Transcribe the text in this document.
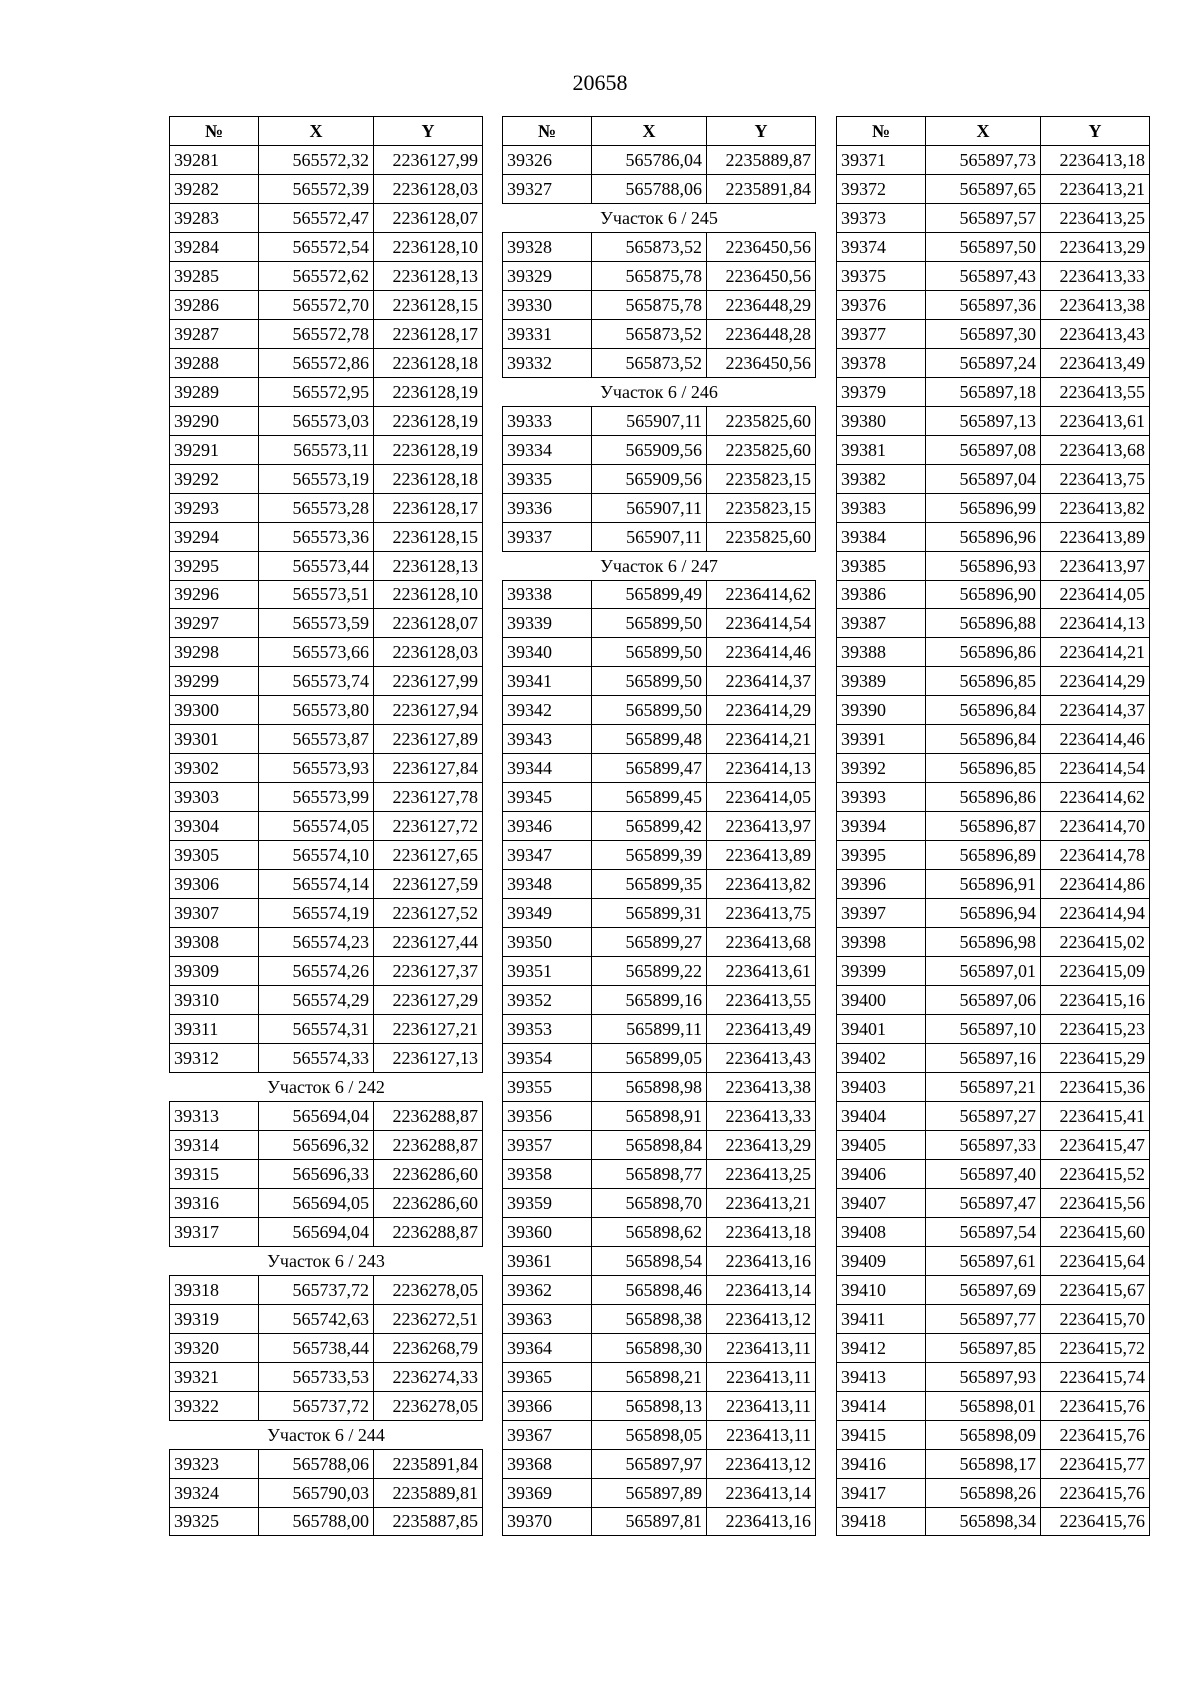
20658
№	X	Y
39281	565572,32	2236127,99
39282	565572,39	2236128,03
39283	565572,47	2236128,07
39284	565572,54	2236128,10
39285	565572,62	2236128,13
39286	565572,70	2236128,15
39287	565572,78	2236128,17
39288	565572,86	2236128,18
39289	565572,95	2236128,19
39290	565573,03	2236128,19
39291	565573,11	2236128,19
39292	565573,19	2236128,18
39293	565573,28	2236128,17
39294	565573,36	2236128,15
39295	565573,44	2236128,13
39296	565573,51	2236128,10
39297	565573,59	2236128,07
39298	565573,66	2236128,03
39299	565573,74	2236127,99
39300	565573,80	2236127,94
39301	565573,87	2236127,89
39302	565573,93	2236127,84
39303	565573,99	2236127,78
39304	565574,05	2236127,72
39305	565574,10	2236127,65
39306	565574,14	2236127,59
39307	565574,19	2236127,52
39308	565574,23	2236127,44
39309	565574,26	2236127,37
39310	565574,29	2236127,29
39311	565574,31	2236127,21
39312	565574,33	2236127,13
Участок 6 / 242		
39313	565694,04	2236288,87
39314	565696,32	2236288,87
39315	565696,33	2236286,60
39316	565694,05	2236286,60
39317	565694,04	2236288,87
Участок 6 / 243		
39318	565737,72	2236278,05
39319	565742,63	2236272,51
39320	565738,44	2236268,79
39321	565733,53	2236274,33
39322	565737,72	2236278,05
Участок 6 / 244		
39323	565788,06	2235891,84
39324	565790,03	2235889,81
39325	565788,00	2235887,85
№	X	Y
39326	565786,04	2235889,87
39327	565788,06	2235891,84
Участок 6 / 245		
39328	565873,52	2236450,56
39329	565875,78	2236450,56
39330	565875,78	2236448,29
39331	565873,52	2236448,28
39332	565873,52	2236450,56
Участок 6 / 246		
39333	565907,11	2235825,60
39334	565909,56	2235825,60
39335	565909,56	2235823,15
39336	565907,11	2235823,15
39337	565907,11	2235825,60
Участок 6 / 247		
39338	565899,49	2236414,62
39339	565899,50	2236414,54
39340	565899,50	2236414,46
39341	565899,50	2236414,37
39342	565899,50	2236414,29
39343	565899,48	2236414,21
39344	565899,47	2236414,13
39345	565899,45	2236414,05
39346	565899,42	2236413,97
39347	565899,39	2236413,89
39348	565899,35	2236413,82
39349	565899,31	2236413,75
39350	565899,27	2236413,68
39351	565899,22	2236413,61
39352	565899,16	2236413,55
39353	565899,11	2236413,49
39354	565899,05	2236413,43
39355	565898,98	2236413,38
39356	565898,91	2236413,33
39357	565898,84	2236413,29
39358	565898,77	2236413,25
39359	565898,70	2236413,21
39360	565898,62	2236413,18
39361	565898,54	2236413,16
39362	565898,46	2236413,14
39363	565898,38	2236413,12
39364	565898,30	2236413,11
39365	565898,21	2236413,11
39366	565898,13	2236413,11
39367	565898,05	2236413,11
39368	565897,97	2236413,12
39369	565897,89	2236413,14
39370	565897,81	2236413,16
№	X	Y
39371	565897,73	2236413,18
39372	565897,65	2236413,21
39373	565897,57	2236413,25
39374	565897,50	2236413,29
39375	565897,43	2236413,33
39376	565897,36	2236413,38
39377	565897,30	2236413,43
39378	565897,24	2236413,49
39379	565897,18	2236413,55
39380	565897,13	2236413,61
39381	565897,08	2236413,68
39382	565897,04	2236413,75
39383	565896,99	2236413,82
39384	565896,96	2236413,89
39385	565896,93	2236413,97
39386	565896,90	2236414,05
39387	565896,88	2236414,13
39388	565896,86	2236414,21
39389	565896,85	2236414,29
39390	565896,84	2236414,37
39391	565896,84	2236414,46
39392	565896,85	2236414,54
39393	565896,86	2236414,62
39394	565896,87	2236414,70
39395	565896,89	2236414,78
39396	565896,91	2236414,86
39397	565896,94	2236414,94
39398	565896,98	2236415,02
39399	565897,01	2236415,09
39400	565897,06	2236415,16
39401	565897,10	2236415,23
39402	565897,16	2236415,29
39403	565897,21	2236415,36
39404	565897,27	2236415,41
39405	565897,33	2236415,47
39406	565897,40	2236415,52
39407	565897,47	2236415,56
39408	565897,54	2236415,60
39409	565897,61	2236415,64
39410	565897,69	2236415,67
39411	565897,77	2236415,70
39412	565897,85	2236415,72
39413	565897,93	2236415,74
39414	565898,01	2236415,76
39415	565898,09	2236415,76
39416	565898,17	2236415,77
39417	565898,26	2236415,76
39418	565898,34	2236415,76
